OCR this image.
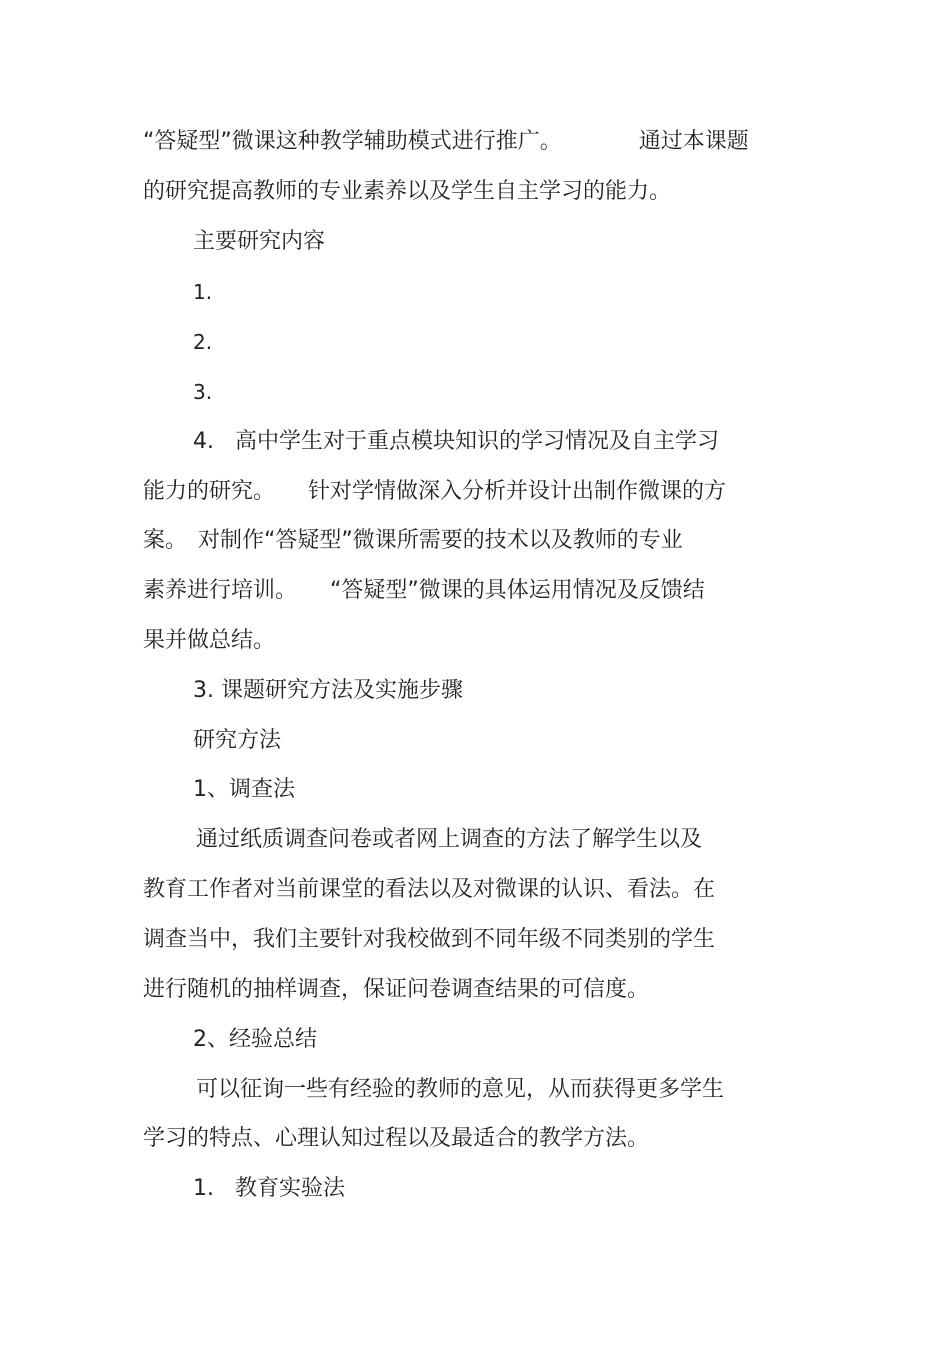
“答疑型”微课这种教学辅助模式进行推广。　　　　通过本课题

的研究提高教师的专业素养以及学生自主学习的能力。

主要研究内容

1.

2.

3.

4.   高中学生对于重点模块知识的学习情况及自主学习

能力的研究。　　针对学情做深入分析并设计出制作微课的方

案。　对制作“答疑型”微课所需要的技术以及教师的专业

素养进行培训。　　“答疑型”微课的具体运用情况及反馈结

果并做总结。

3. 课题研究方法及实施步骤

研究方法

1、调查法

通过纸质调查问卷或者网上调查的方法了解学生以及

教育工作者对当前课堂的看法以及对微课的认识、看法。在

调查当中，我们主要针对我校做到不同年级不同类别的学生

进行随机的抽样调查，保证问卷调查结果的可信度。

2、经验总结

可以征询一些有经验的教师的意见，从而获得更多学生

学习的特点、心理认知过程以及最适合的教学方法。

1.   教育实验法
